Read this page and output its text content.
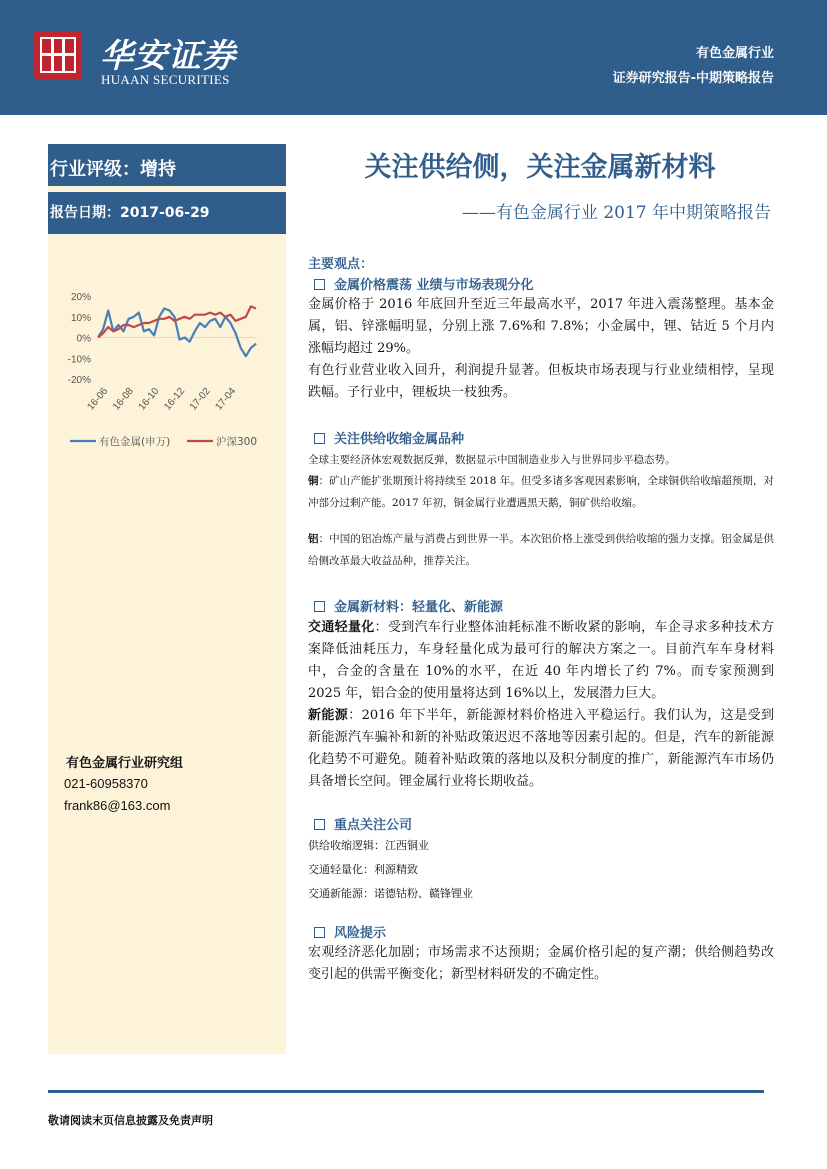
华安证券
HUAAN SECURITIES
有色金属行业
证券研究报告-中期策略报告
行业评级：增持
报告日期：2017-06-29
20%
10%
0%
-10%
-20%
16-06 16-08 16-10 16-12 17-02 17-04
有色金属(申万)	沪深300
有色金属行业研究组
021-60958370
frank86@163.com
关注供给侧，关注金属新材料
——有色金属行业 2017 年中期策略报告
主要观点：
金属价格震荡 业绩与市场表现分化
金属价格于 2016 年底回升至近三年最高水平，2017 年进入震荡整理。基本金属，铝、锌涨幅明显，分别上涨 7.6%和 7.8%；小金属中，锂、钴近 5 个月内涨幅均超过 29%。
有色行业营业收入回升，利润提升显著。但板块市场表现与行业业绩相悖，呈现跌幅。子行业中，锂板块一枝独秀。
关注供给收缩金属品种
全球主要经济体宏观数据反弹，数据显示中国制造业步入与世界同步平稳态势。
铜：矿山产能扩张期预计将持续至 2018 年。但受多诸多客观因素影响，全球铜供给收缩超预期，对冲部分过剩产能。2017 年初，铜金属行业遭遇黑天鹅，铜矿供给收缩。
铝：中国的铝冶炼产量与消费占到世界一半。本次铝价格上涨受到供给收缩的强力支撑。铝金属是供给侧改革最大收益品种，推荐关注。
金属新材料：轻量化、新能源
交通轻量化：受到汽车行业整体油耗标准不断收紧的影响，车企寻求多种技术方案降低油耗压力，车身轻量化成为最可行的解决方案之一。目前汽车车身材料中，合金的含量在 10%的水平，在近 40 年内增长了约 7%。而专家预测到 2025 年，铝合金的使用量将达到 16%以上，发展潜力巨大。
新能源：2016 年下半年，新能源材料价格进入平稳运行。我们认为，这是受到新能源汽车骗补和新的补贴政策迟迟不落地等因素引起的。但是，汽车的新能源化趋势不可避免。随着补贴政策的落地以及积分制度的推广，新能源汽车市场仍具备增长空间。锂金属行业将长期收益。
重点关注公司
供给收缩逻辑：江西铜业
交通轻量化：利源精致
交通新能源：诺德钴粉、赣锋锂业
风险提示
宏观经济恶化加剧；市场需求不达预期；金属价格引起的复产潮；供给侧趋势改变引起的供需平衡变化；新型材料研发的不确定性。
敬请阅读末页信息披露及免责声明
